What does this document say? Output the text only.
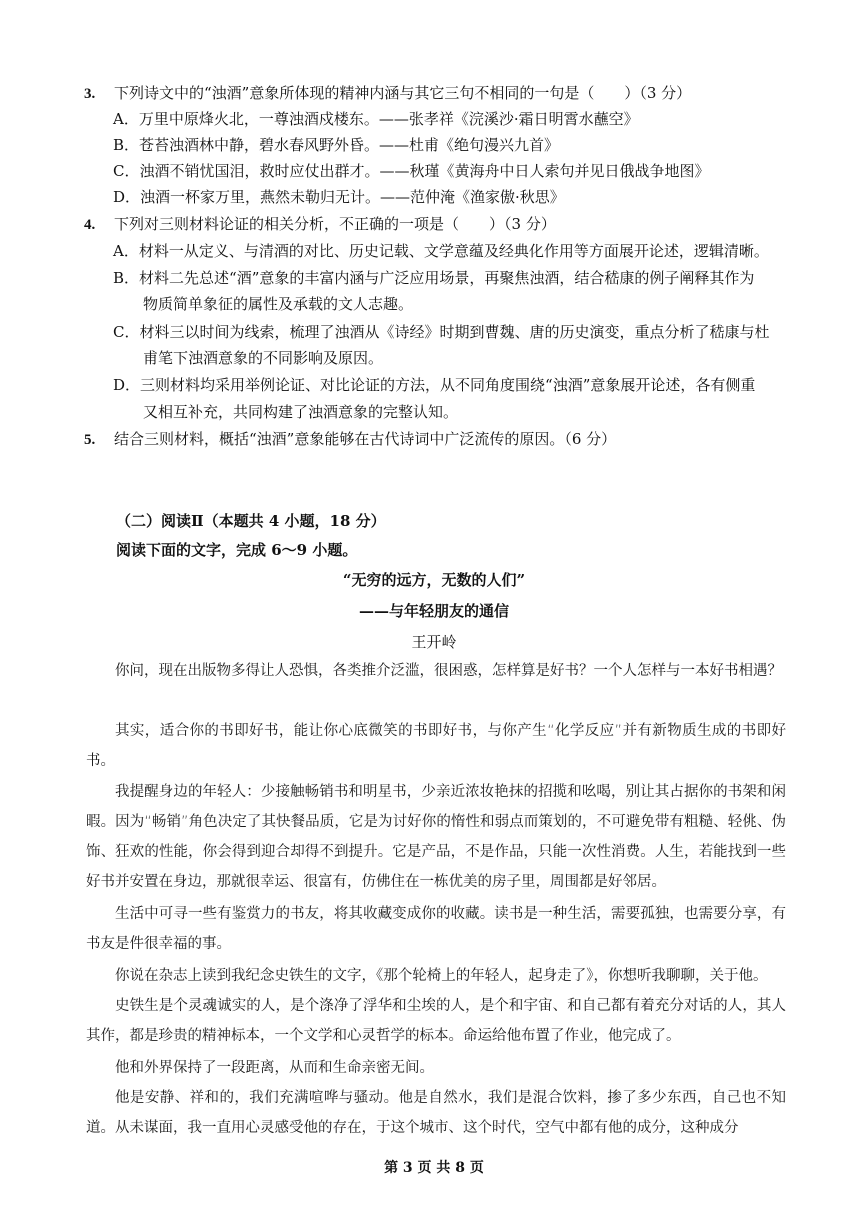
3. 下列诗文中的“浊酒”意象所体现的精神内涵与其它三句不相同的一句是（　　）（3 分）
A．万里中原烽火北，一尊浊酒戍楼东。——张孝祥《浣溪沙·霜日明霄水蘸空》
B．苍苔浊酒林中静，碧水春风野外昏。——杜甫《绝句漫兴九首》
C．浊酒不销忧国泪，救时应仗出群才。——秋瑾《黄海舟中日人索句并见日俄战争地图》
D．浊酒一杯家万里，燕然未勒归无计。——范仲淹《渔家傲·秋思》
4. 下列对三则材料论证的相关分析，不正确的一项是（　　）（3 分）
A．材料一从定义、与清酒的对比、历史记载、文学意蕴及经典化作用等方面展开论述，逻辑清晰。
B．材料二先总述“酒”意象的丰富内涵与广泛应用场景，再聚焦浊酒，结合嵇康的例子阐释其作为
物质简单象征的属性及承载的文人志趣。
C．材料三以时间为线索，梳理了浊酒从《诗经》时期到曹魏、唐的历史演变，重点分析了嵇康与杜
甫笔下浊酒意象的不同影响及原因。
D．三则材料均采用举例论证、对比论证的方法，从不同角度围绕“浊酒”意象展开论述，各有侧重
又相互补充，共同构建了浊酒意象的完整认知。
5. 结合三则材料，概括“浊酒”意象能够在古代诗词中广泛流传的原因。（6 分）
（二）阅读Ⅱ（本题共 4 小题，18 分）
阅读下面的文字，完成 6～9 小题。
“无穷的远方，无数的人们”
——与年轻朋友的通信
王开岭
你问，现在出版物多得让人恐惧，各类推介泛滥，很困惑，怎样算是好书？一个人怎样与一本好书相遇？
其实，适合你的书即好书，能让你心底微笑的书即好书，与你产生“化学反应”并有新物质生成的书即好书。
我提醒身边的年轻人：少接触畅销书和明星书，少亲近浓妆艳抹的招揽和吆喝，别让其占据你的书架和闲暇。因为“畅销”角色决定了其快餐品质，它是为讨好你的惰性和弱点而策划的，不可避免带有粗糙、轻佻、伪饰、狂欢的性能，你会得到迎合却得不到提升。它是产品，不是作品，只能一次性消费。人生，若能找到一些好书并安置在身边，那就很幸运、很富有，仿佛住在一栋优美的房子里，周围都是好邻居。
生活中可寻一些有鉴赏力的书友，将其收藏变成你的收藏。读书是一种生活，需要孤独，也需要分享，有书友是件很幸福的事。
你说在杂志上读到我纪念史铁生的文字，《那个轮椅上的年轻人，起身走了》，你想听我聊聊，关于他。
史铁生是个灵魂诚实的人，是个涤净了浮华和尘埃的人，是个和宇宙、和自己都有着充分对话的人，其人其作，都是珍贵的精神标本，一个文学和心灵哲学的标本。命运给他布置了作业，他完成了。
他和外界保持了一段距离，从而和生命亲密无间。
他是安静、祥和的，我们充满喧哗与骚动。他是自然水，我们是混合饮料，掺了多少东西，自己也不知道。从未谋面，我一直用心灵感受他的存在，于这个城市、这个时代，空气中都有他的成分，这种成分
第 3 页 共 8 页
